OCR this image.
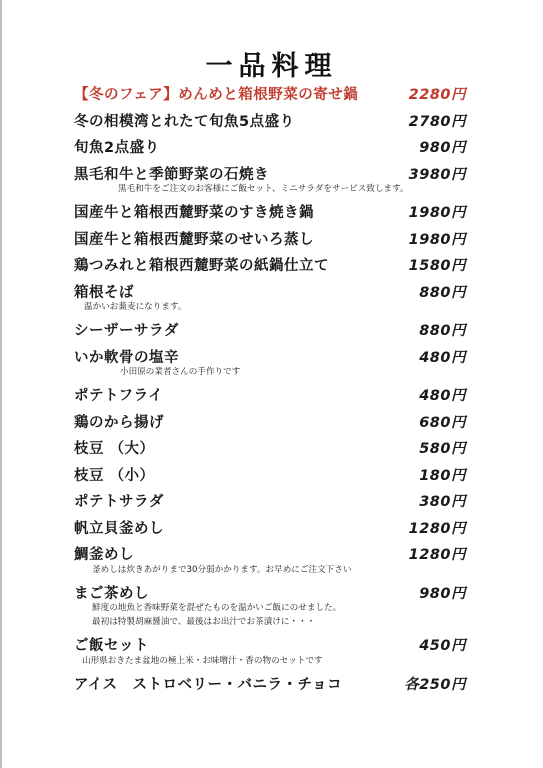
一品料理
【冬のフェア】めんめと箱根野菜の寄せ鍋	2280円
冬の相模湾とれたて旬魚5点盛り	2780円
旬魚2点盛り	980円
黒毛和牛と季節野菜の石焼き	3980円
黒毛和牛をご注文のお客様にご飯セット、ミニサラダをサービス致します。
国産牛と箱根西麓野菜のすき焼き鍋	1980円
国産牛と箱根西麓野菜のせいろ蒸し	1980円
鶏つみれと箱根西麓野菜の紙鍋仕立て	1580円
箱根そば	880円
温かいお蕎麦になります。
シーザーサラダ	880円
いか軟骨の塩辛	480円
小田原の業者さんの手作りです
ポテトフライ	480円
鶏のから揚げ	680円
枝豆 （大）	580円
枝豆 （小）	180円
ポテトサラダ	380円
帆立貝釜めし	1280円
鯛釜めし	1280円
釜めしは炊きあがりまで30分弱かかります。お早めにご注文下さい
まご茶めし	980円
鮮度の地魚と香味野菜を混ぜたものを温かいご飯にのせました。
最初は特製胡麻醤油で、最後はお出汁でお茶漬けに・・・
ご飯セット	450円
山形県おきたま盆地の極上米・お味噌汁・香の物のセットです
アイス　ストロベリー・バニラ・チョコ	各250円
